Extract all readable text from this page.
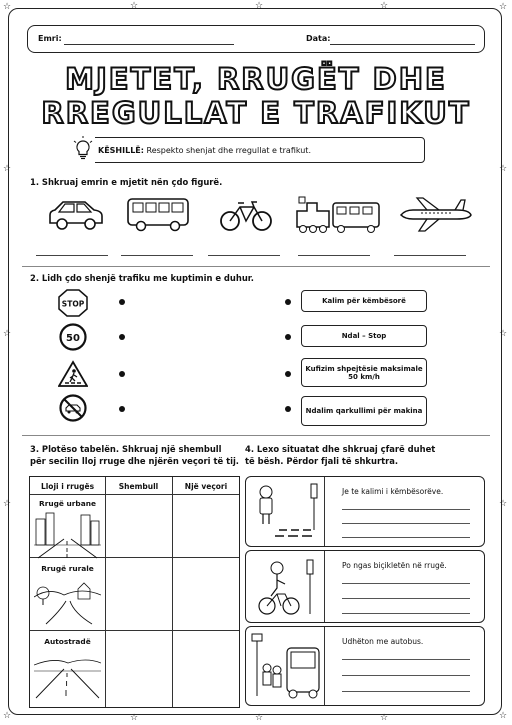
☆	☆
☆	☆
☆
☆
☆
☆
☆
☆
☆	☆	☆
☆	☆	☆
Emri:	Data:
MJETET, RRUGËT DHE
RREGULLAT E TRAFIKUT
KËSHILLË: Respekto shenjat dhe rregullat e trafikut.
1. Shkruaj emrin e mjetit nën çdo figurë.
2. Lidh çdo shenjë trafiku me kuptimin e duhur.
STOP
50
Kalim për këmbësorë
Ndal – Stop
Kufizim shpejtësie maksimale 50 km/h
Ndalim qarkullimi për makina
3. Plotëso tabelën. Shkruaj një shembull
për secilin lloj rruge dhe njërën veçori të tij.
Lloji i rrugës	Shembull	Një veçori
Rrugë urbane
Rrugë rurale
Autostradë
4. Lexo situatat dhe shkruaj çfarë duhet
të bësh. Përdor fjali të shkurtra.
Je te kalimi i këmbësorëve.
Po ngas biçikletën në rrugë.
Udhëton me autobus.
